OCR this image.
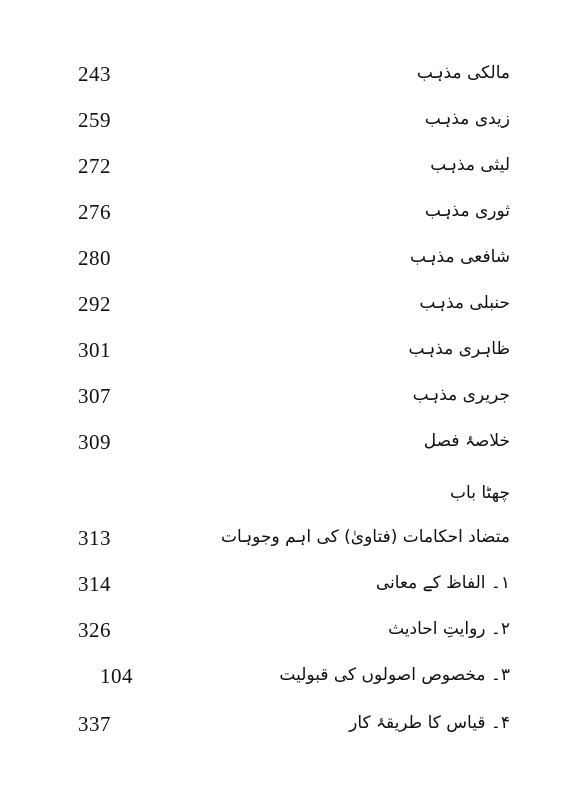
243	مالکی مذہب
259	زیدی مذہب
272	لیثی مذہب
276	ثوری مذہب
280	شافعی مذہب
292	حنبلی مذہب
301	ظاہری مذہب
307	جریری مذہب
309	خلاصۂ فصل
چھٹا باب
313	متضاد احکامات (فتاویٰ) کی اہم وجوہات
314	۱۔ الفاظ کے معانی
326	۲۔ روایتِ احادیث
104	۳۔ مخصوص اصولوں کی قبولیت
337	۴۔ قیاس کا طریقۂ کار
